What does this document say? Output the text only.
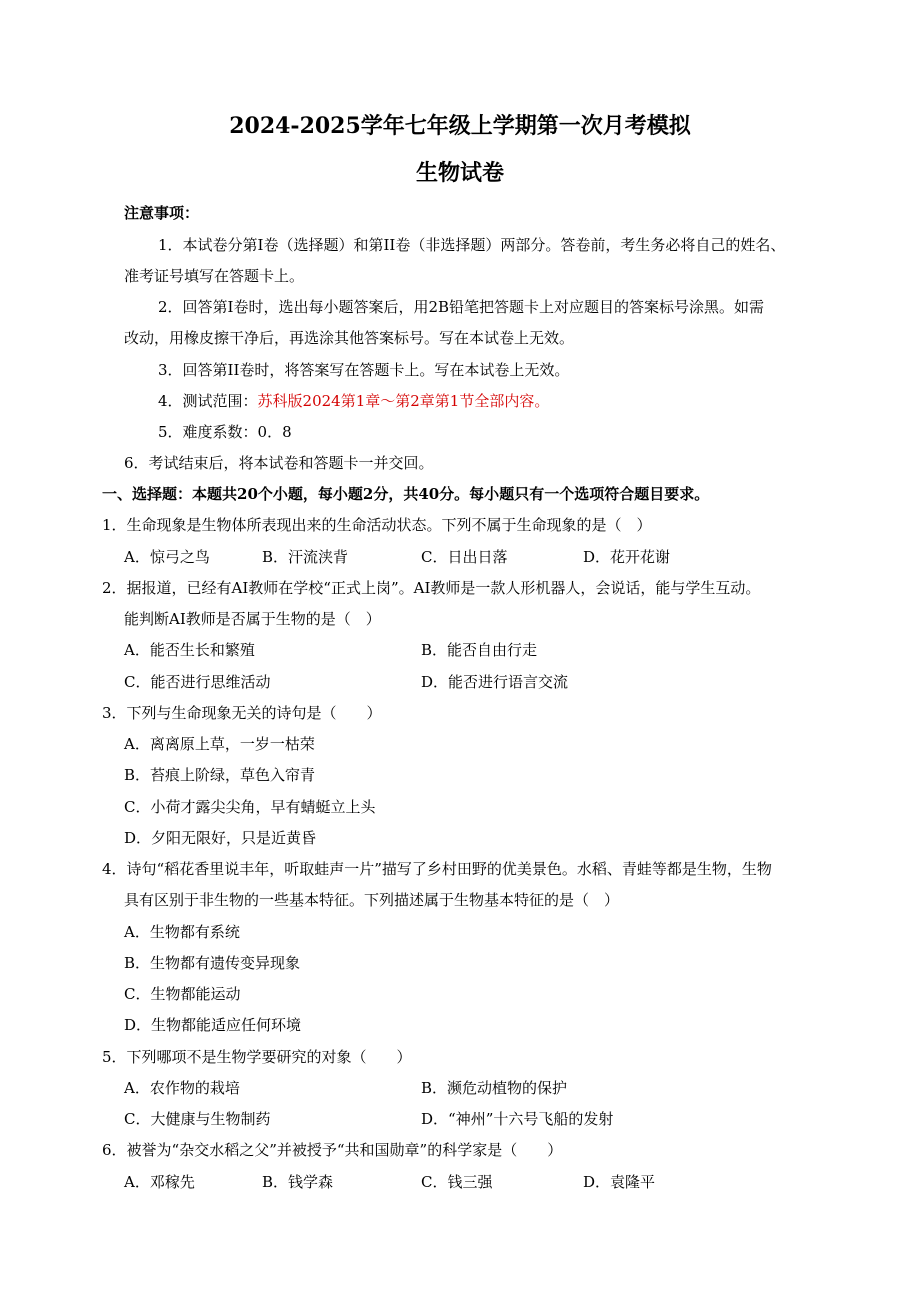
2024-2025学年七年级上学期第一次月考模拟
生物试卷
注意事项：
1．本试卷分第I卷（选择题）和第II卷（非选择题）两部分。答卷前，考生务必将自己的姓名、
准考证号填写在答题卡上。
2．回答第I卷时，选出每小题答案后，用2B铅笔把答题卡上对应题目的答案标号涂黑。如需
改动，用橡皮擦干净后，再选涂其他答案标号。写在本试卷上无效。
3．回答第II卷时，将答案写在答题卡上。写在本试卷上无效。
4．测试范围：苏科版2024第1章～第2章第1节全部内容。
5．难度系数：0．8
6．考试结束后，将本试卷和答题卡一并交回。
一、选择题：本题共20个小题，每小题2分，共40分。每小题只有一个选项符合题目要求。
1．生命现象是生物体所表现出来的生命活动状态。下列不属于生命现象的是（　）
A．惊弓之鸟	B．汗流浃背	C．日出日落	D．花开花谢
2．据报道，已经有AI教师在学校“正式上岗”。AI教师是一款人形机器人，会说话，能与学生互动。
能判断AI教师是否属于生物的是（　）
A．能否生长和繁殖	B．能否自由行走
C．能否进行思维活动	D．能否进行语言交流
3．下列与生命现象无关的诗句是（　　）
A．离离原上草，一岁一枯荣
B．苔痕上阶绿，草色入帘青
C．小荷才露尖尖角，早有蜻蜓立上头
D．夕阳无限好，只是近黄昏
4．诗句“稻花香里说丰年，听取蛙声一片”描写了乡村田野的优美景色。水稻、青蛙等都是生物，生物
具有区别于非生物的一些基本特征。下列描述属于生物基本特征的是（　）
A．生物都有系统
B．生物都有遗传变异现象
C．生物都能运动
D．生物都能适应任何环境
5．下列哪项不是生物学要研究的对象（　　）
A．农作物的栽培	B．濒危动植物的保护
C．大健康与生物制药	D．“神州”十六号飞船的发射
6．被誉为“杂交水稻之父”并被授予“共和国勋章”的科学家是（　　）
A．邓稼先	B．钱学森	C．钱三强	D．袁隆平
